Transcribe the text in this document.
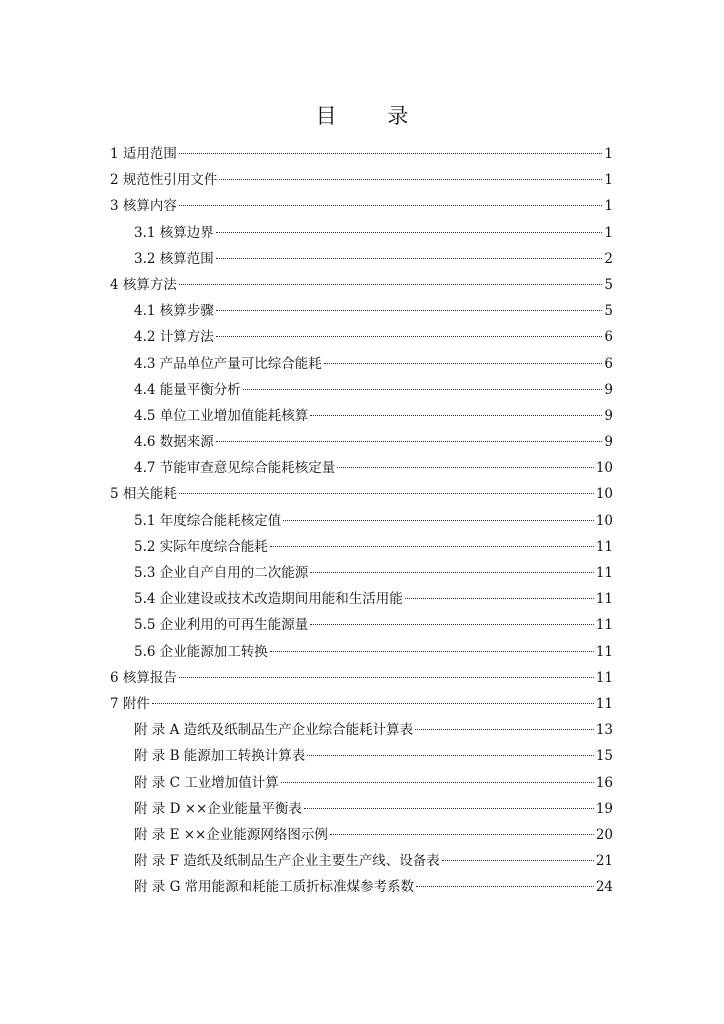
目 录
1 适用范围	1
2 规范性引用文件	1
3 核算内容	1
3.1 核算边界	1
3.2 核算范围	2
4 核算方法	5
4.1 核算步骤	5
4.2 计算方法	6
4.3 产品单位产量可比综合能耗	6
4.4 能量平衡分析	9
4.5 单位工业增加值能耗核算	9
4.6 数据来源	9
4.7 节能审查意见综合能耗核定量	10
5 相关能耗	10
5.1 年度综合能耗核定值	10
5.2 实际年度综合能耗	11
5.3 企业自产自用的二次能源	11
5.4 企业建设或技术改造期间用能和生活用能	11
5.5 企业利用的可再生能源量	11
5.6 企业能源加工转换	11
6 核算报告	11
7 附件	11
附 录 A 造纸及纸制品生产企业综合能耗计算表	13
附 录 B 能源加工转换计算表	15
附 录 C 工业增加值计算	16
附 录 D ××企业能量平衡表	19
附 录 E ××企业能源网络图示例	20
附 录 F 造纸及纸制品生产企业主要生产线、设备表	21
附 录 G 常用能源和耗能工质折标准煤参考系数	24
